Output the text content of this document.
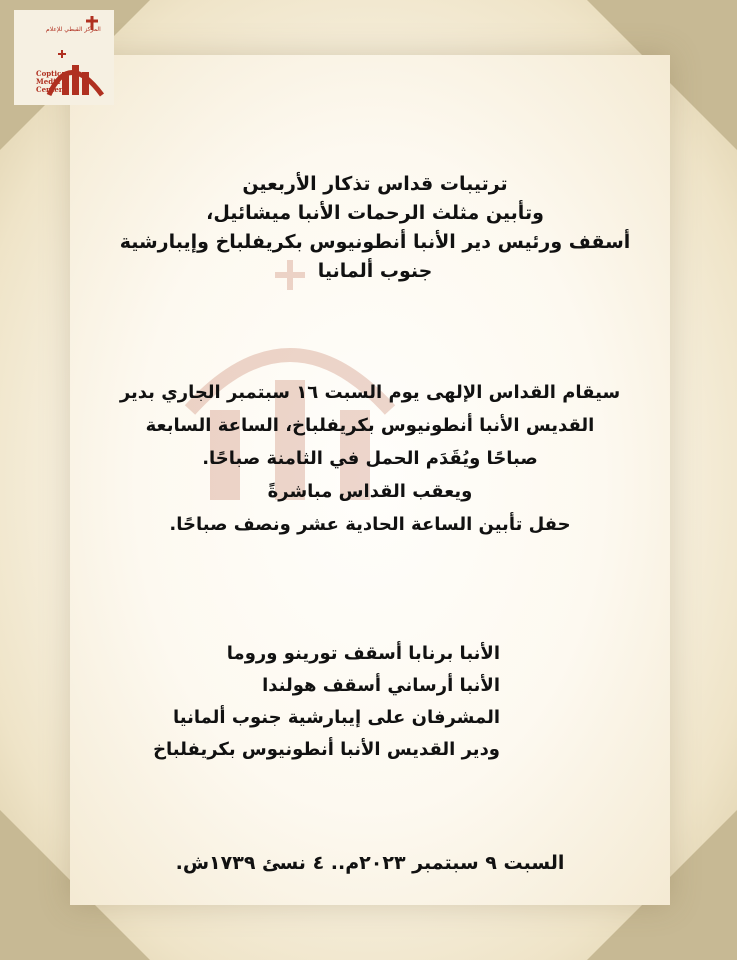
المركز القبطي للإعلام
Coptic
Media
Center
ترتيبات قداس تذكار الأربعين
وتأبين مثلث الرحمات الأنبا ميشائيل،
أسقف ورئيس دير الأنبا أنطونيوس بكريفلباخ وإيبارشية
جنوب ألمانيا
سيقام القداس الإلهى يوم السبت ١٦ سبتمبر الجاري بدير
القديس الأنبا أنطونيوس بكريفلباخ، الساعة السابعة
صباحًا ويُقَدَم الحمل في الثامنة صباحًا.
ويعقب القداس مباشرةً
حفل تأبين الساعة الحادية عشر ونصف صباحًا.
الأنبا برنابا أسقف تورينو وروما
الأنبا أرساني أسقف هولندا
المشرفان على إيبارشية جنوب ألمانيا
ودير القديس الأنبا أنطونيوس بكريفلباخ
السبت ٩ سبتمبر ٢٠٢٣م.. ٤ نسئ ١٧٣٩ش.
